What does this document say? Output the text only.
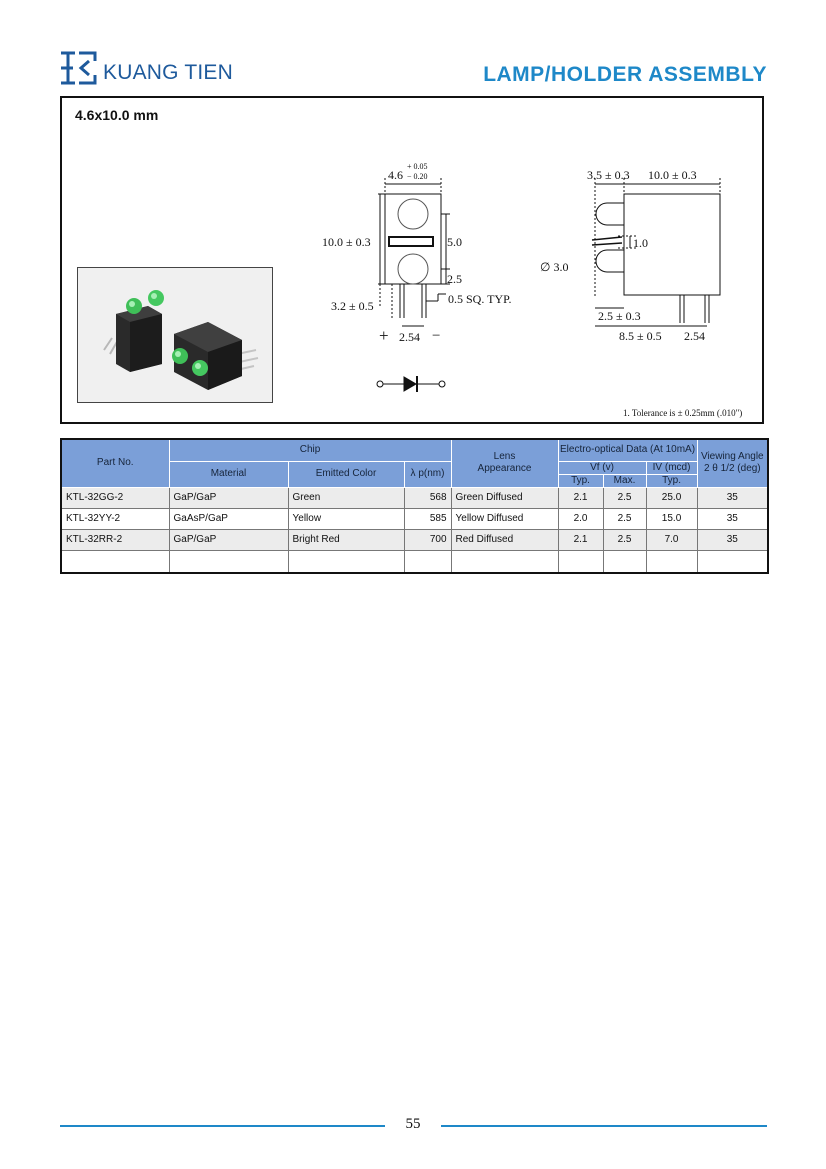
KUANG TIEN	LAMP/HOLDER ASSEMBLY
4.6x10.0 mm
4.6
+ 0.05
− 0.20
10.0 ± 0.3	5.0
2.5
3.2 ± 0.5	0.5 SQ. TYP.
+ 2.54 −
3.5 ± 0.3 10.0 ± 0.3
∅ 3.0
1.0
2.5 ± 0.3
8.5 ± 0.5 2.54
1. Tolerance is ± 0.25mm (.010")
Part No.	Chip			Lens
Appearance	Electro-optical Data (At 10mA)			Viewing Angle
2 θ 1/2 (deg)
	Material	Emitted Color	λ p(nm)		Vf (v)		IV (mcd)	
					Typ.	Max.	Typ.	
KTL-32GG-2	GaP/GaP	Green	568	Green Diffused	2.1	2.5	25.0	35
KTL-32YY-2	GaAsP/GaP	Yellow	585	Yellow Diffused	2.0	2.5	15.0	35
KTL-32RR-2	GaP/GaP	Bright Red	700	Red Diffused	2.1	2.5	7.0	35

55
